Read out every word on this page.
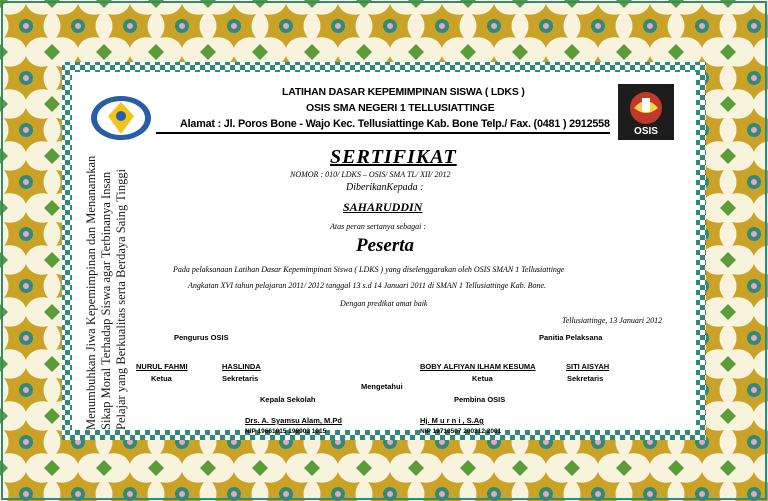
OSIS
LATIHAN DASAR KEPEMIMPINAN SISWA ( LDKS )
OSIS SMA NEGERI 1 TELLUSIATTINGE
Alamat : Jl. Poros Bone - Wajo Kec. Tellusiattinge Kab. Bone Telp./ Fax. (0481 ) 2912558
Menumbuhkan Jiwa Kepemimpinan dan Menanamkan Sikap Moral Terhadap Siswa agar Terbinanya Insan Pelajar yang Berkualitas serta Berdaya Saing Tinggi
SERTIFIKAT
NOMOR : 010/ LDKS – OSIS/ SMA TL/ XII/ 2012
DiberikanKepada :
SAHARUDDIN
Atas peran sertanya sebagai :
Peserta
Pada pelaksanaan Latihan Dasar Kepemimpinan Siswa ( LDKS ) yang diselenggarakan oleh OSIS SMAN 1 Tellusiattinge
Angkatan XVI tahun pelajaran 2011/ 2012 tanggal 13 s.d 14 Januari 2011 di SMAN 1 Tellusiattinge Kab. Bone.
Dengan predikat amat baik
Tellusiattinge, 13 Januari 2012
Pengurus OSIS	Panitia Pelaksana
NURUL FAHMI
Ketua
HASLINDA
Sekretaris
BOBY ALFIYAN ILHAM KESUMA
Ketua
SITI AISYAH
Sekretaris
Mengetahui
Kepala Sekolah	Pembina OSIS
Drs. A. Syamsu Alam, M.Pd
NIP 19661015 198903 1015
Hj. M u r n i , S.Ag
NIP 19710507 200312 2001
